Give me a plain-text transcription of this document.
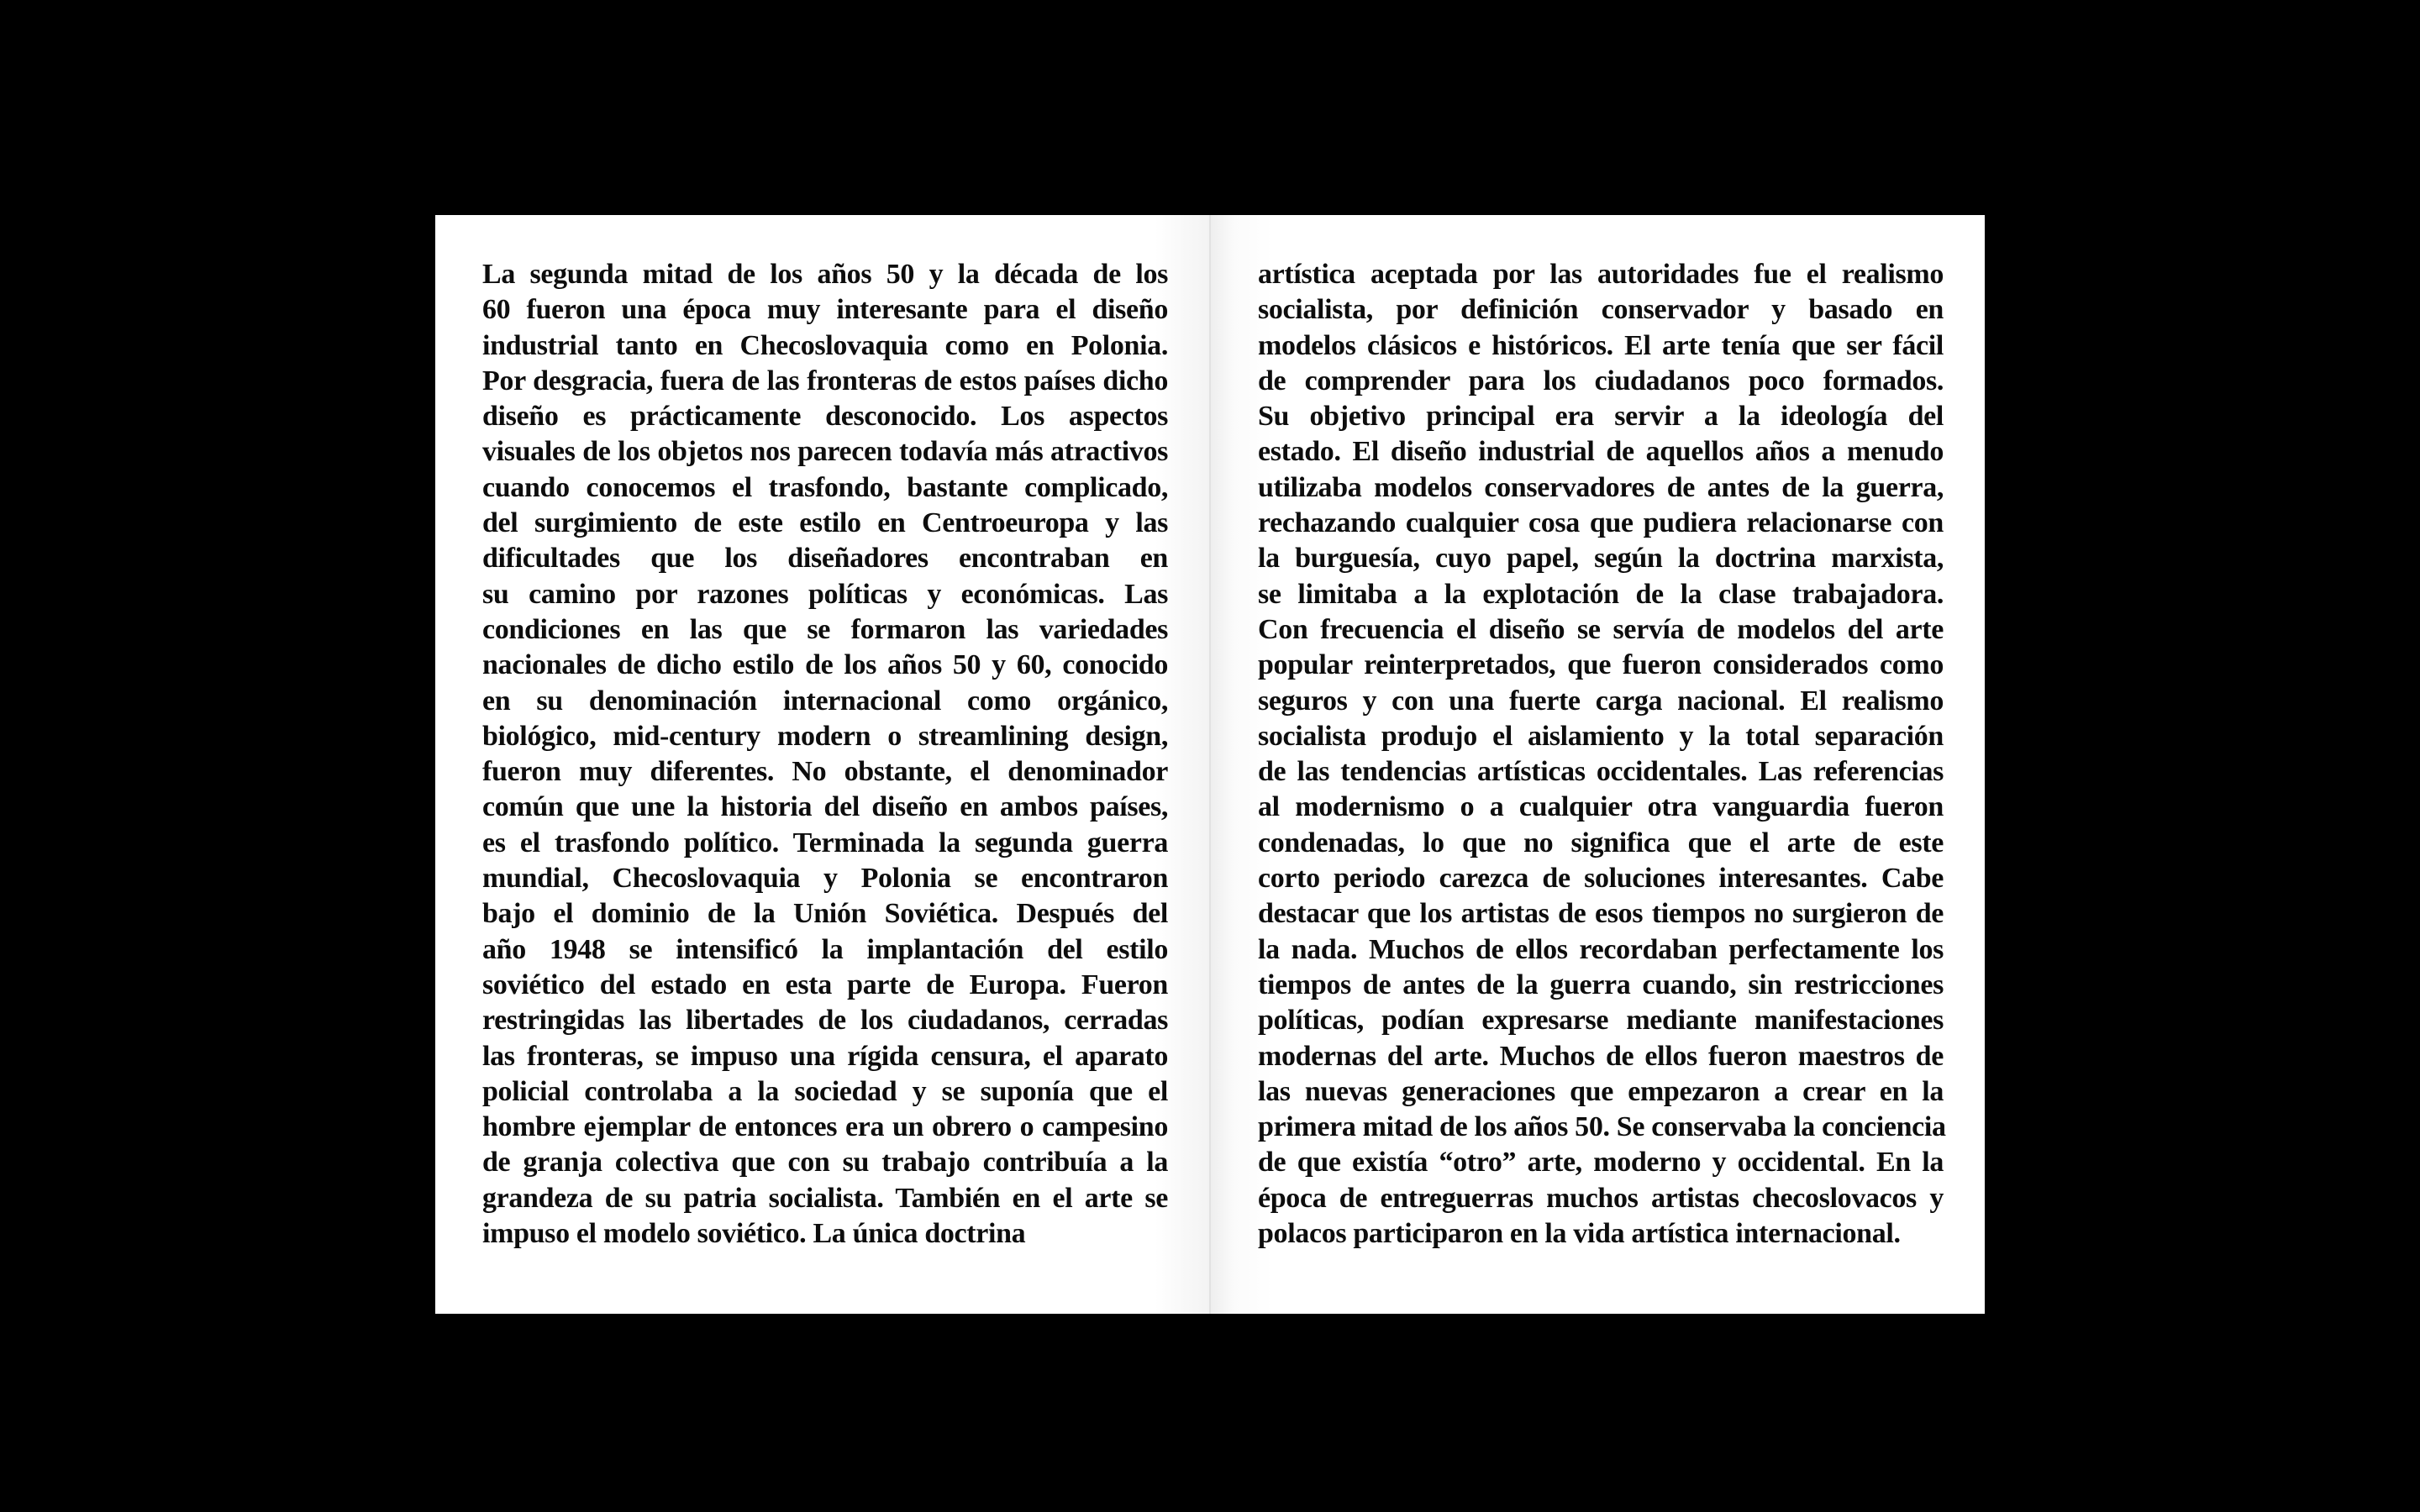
La segunda mitad de los años 50 y la década de los
60 fueron una época muy interesante para el diseño
industrial tanto en Checoslovaquia como en Polonia.
Por desgracia, fuera de las fronteras de estos países dicho
diseño es prácticamente desconocido. Los aspectos
visuales de los objetos nos parecen todavía más atractivos
cuando conocemos el trasfondo, bastante complicado,
del surgimiento de este estilo en Centroeuropa y las
dificultades que los diseñadores encontraban en
su camino por razones políticas y económicas. Las
condiciones en las que se formaron las variedades
nacionales de dicho estilo de los años 50 y 60, conocido
en su denominación internacional como orgánico,
biológico, mid-century modern o streamlining design,
fueron muy diferentes. No obstante, el denominador
común que une la historia del diseño en ambos países,
es el trasfondo político. Terminada la segunda guerra
mundial, Checoslovaquia y Polonia se encontraron
bajo el dominio de la Unión Soviética. Después del
año 1948 se intensificó la implantación del estilo
soviético del estado en esta parte de Europa. Fueron
restringidas las libertades de los ciudadanos, cerradas
las fronteras, se impuso una rígida censura, el aparato
policial controlaba a la sociedad y se suponía que el
hombre ejemplar de entonces era un obrero o campesino
de granja colectiva que con su trabajo contribuía a la
grandeza de su patria socialista. También en el arte se
impuso el modelo soviético. La única doctrina

artística aceptada por las autoridades fue el realismo
socialista, por definición conservador y basado en
modelos clásicos e históricos. El arte tenía que ser fácil
de comprender para los ciudadanos poco formados.
Su objetivo principal era servir a la ideología del
estado. El diseño industrial de aquellos años a menudo
utilizaba modelos conservadores de antes de la guerra,
rechazando cualquier cosa que pudiera relacionarse con
la burguesía, cuyo papel, según la doctrina marxista,
se limitaba a la explotación de la clase trabajadora.
Con frecuencia el diseño se servía de modelos del arte
popular reinterpretados, que fueron considerados como
seguros y con una fuerte carga nacional. El realismo
socialista produjo el aislamiento y la total separación
de las tendencias artísticas occidentales. Las referencias
al modernismo o a cualquier otra vanguardia fueron
condenadas, lo que no significa que el arte de este
corto periodo carezca de soluciones interesantes. Cabe
destacar que los artistas de esos tiempos no surgieron de
la nada. Muchos de ellos recordaban perfectamente los
tiempos de antes de la guerra cuando, sin restricciones
políticas, podían expresarse mediante manifestaciones
modernas del arte. Muchos de ellos fueron maestros de
las nuevas generaciones que empezaron a crear en la
primera mitad de los años 50. Se conservaba la conciencia
de que existía “otro” arte, moderno y occidental. En la
época de entreguerras muchos artistas checoslovacos y
polacos participaron en la vida artística internacional.
